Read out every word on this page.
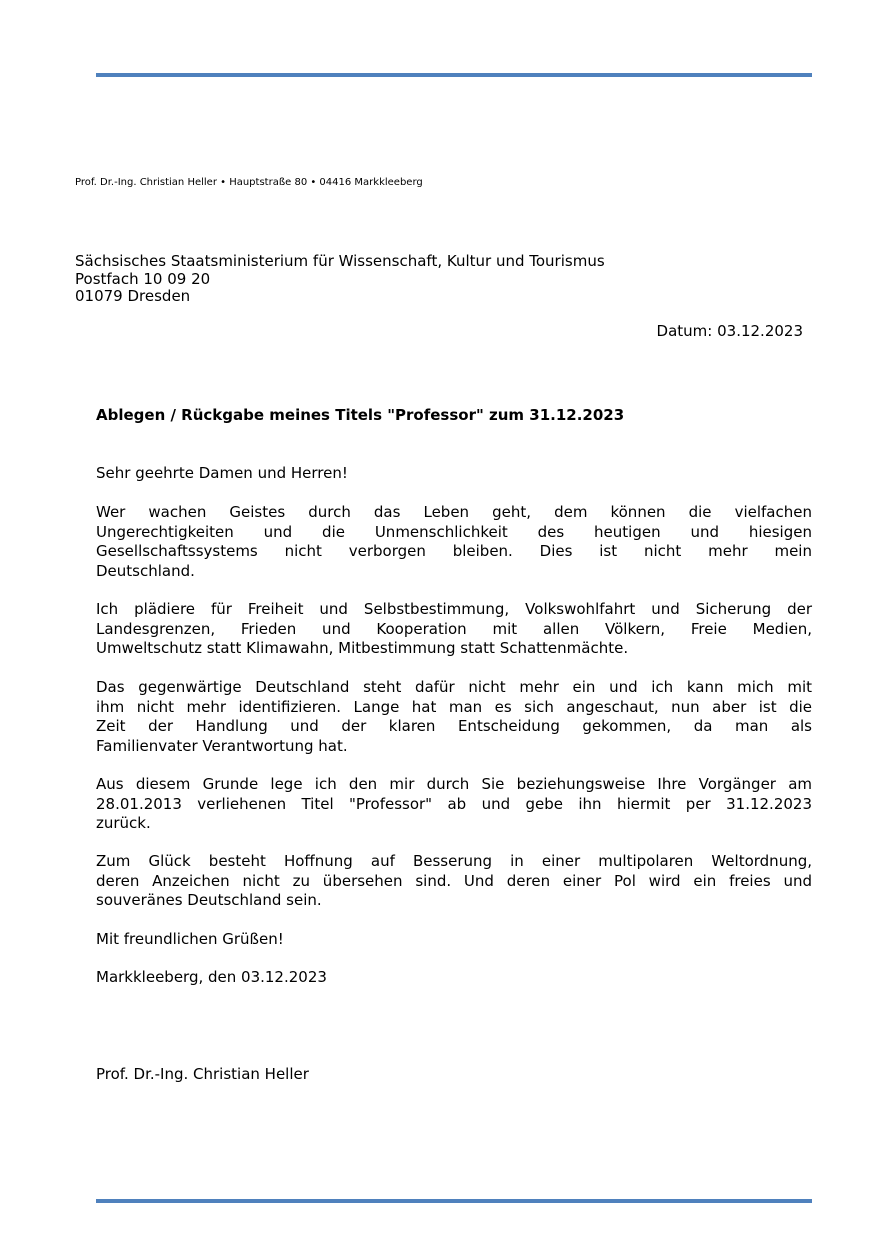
Prof. Dr.-Ing. Christian Heller • Hauptstraße 80 • 04416 Markkleeberg
Sächsisches Staatsministerium für Wissenschaft, Kultur und Tourismus
Postfach 10 09 20
01079 Dresden
Datum: 03.12.2023
Ablegen / Rückgabe meines Titels "Professor" zum 31.12.2023
Sehr geehrte Damen und Herren!
Wer wachen Geistes durch das Leben geht, dem können die vielfachen
Ungerechtigkeiten und die Unmenschlichkeit des heutigen und hiesigen
Gesellschaftssystems nicht verborgen bleiben. Dies ist nicht mehr mein
Deutschland.
Ich plädiere für Freiheit und Selbstbestimmung, Volkswohlfahrt und Sicherung der
Landesgrenzen, Frieden und Kooperation mit allen Völkern, Freie Medien,
Umweltschutz statt Klimawahn, Mitbestimmung statt Schattenmächte.
Das gegenwärtige Deutschland steht dafür nicht mehr ein und ich kann mich mit
ihm nicht mehr identifizieren. Lange hat man es sich angeschaut, nun aber ist die
Zeit der Handlung und der klaren Entscheidung gekommen, da man als
Familienvater Verantwortung hat.
Aus diesem Grunde lege ich den mir durch Sie beziehungsweise Ihre Vorgänger am
28.01.2013 verliehenen Titel "Professor" ab und gebe ihn hiermit per 31.12.2023
zurück.
Zum Glück besteht Hoffnung auf Besserung in einer multipolaren Weltordnung,
deren Anzeichen nicht zu übersehen sind. Und deren einer Pol wird ein freies und
souveränes Deutschland sein.
Mit freundlichen Grüßen!
Markkleeberg, den 03.12.2023
Prof. Dr.-Ing. Christian Heller
